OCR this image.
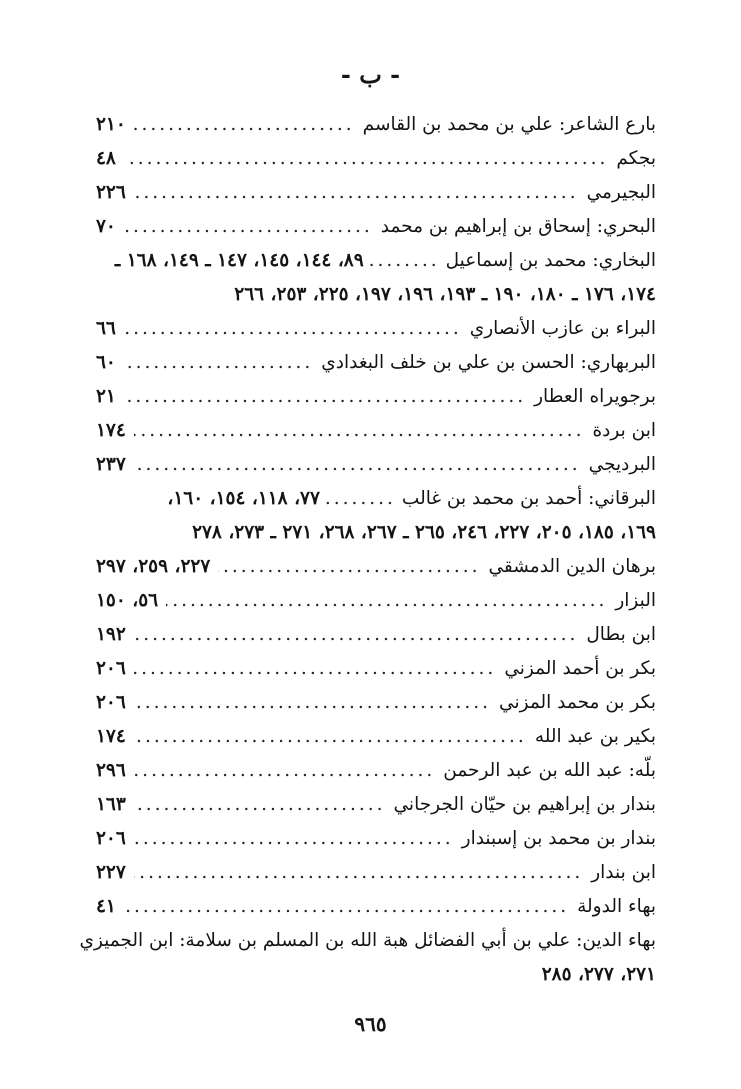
- ب -
بارع الشاعر: علي بن محمد بن القاسم
.....
٢١٠
بجكم
.....
٤٨
البجيرمي
.....
٢٢٦
البحري: إسحاق بن إبراهيم بن محمد
.....
٧٠
البخاري: محمد بن إسماعيل
.....
٨٩، ١٤٤، ١٤٥، ١٤٧ ـ ١٤٩، ١٦٨ ـ
١٧٤، ١٧٦ ـ ١٨٠، ١٩٠ ـ ١٩٣، ١٩٦، ١٩٧، ٢٢٥، ٢٥٣، ٢٦٦
البراء بن عازب الأنصاري
.....
٦٦
البربهاري: الحسن بن علي بن خلف البغدادي
.....
٦٠
برجويراه العطار
.....
٢١
ابن بردة
.....
١٧٤
البرديجي
.....
٢٣٧
البرقاني: أحمد بن محمد بن غالب
.....
٧٧، ١١٨، ١٥٤، ١٦٠،
١٦٩، ١٨٥، ٢٠٥، ٢٢٧، ٢٤٦، ٢٦٥ ـ ٢٦٧، ٢٦٨، ٢٧١ ـ ٢٧٣، ٢٧٨
برهان الدين الدمشقي
.....
٢٢٧، ٢٥٩، ٢٩٧
البزار
.....
٥٦، ١٥٠
ابن بطال
.....
١٩٢
بكر بن أحمد المزني
.....
٢٠٦
بكر بن محمد المزني
.....
٢٠٦
بكير بن عبد الله
.....
١٧٤
بلّه: عبد الله بن عبد الرحمن
.....
٢٩٦
بندار بن إبراهيم بن حيّان الجرجاني
.....
١٦٣
بندار بن محمد بن إسبندار
.....
٢٠٦
ابن بندار
.....
٢٢٧
بهاء الدولة
.....
٤١
بهاء الدين: علي بن أبي الفضائل هبة الله بن المسلم بن سلامة: ابن الجميزي
٢٧١، ٢٧٧، ٢٨٥
٩٦٥
